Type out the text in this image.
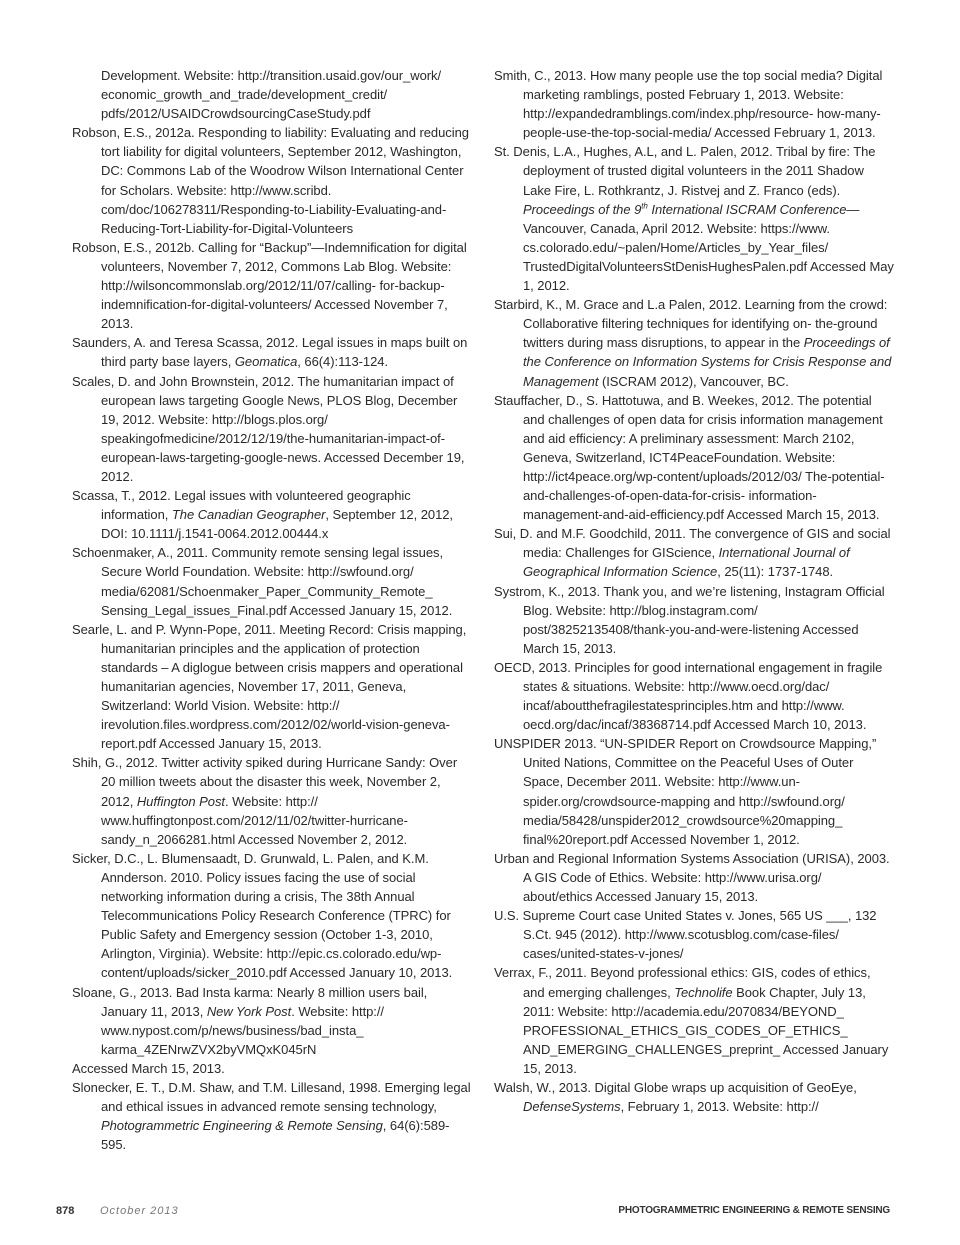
Development. Website: http://transition.usaid.gov/our_work/ economic_growth_and_trade/development_credit/ pdfs/2012/USAIDCrowdsourcingCaseStudy.pdf

Robson, E.S., 2012a. Responding to liability: Evaluating and reducing tort liability for digital volunteers, September 2012, Washington, DC: Commons Lab of the Woodrow Wilson International Center for Scholars. Website: http://www.scribd. com/doc/106278311/Responding-to-Liability-Evaluating-and- Reducing-Tort-Liability-for-Digital-Volunteers

Robson, E.S., 2012b. Calling for “Backup”—Indemnification for digital volunteers, November 7, 2012, Commons Lab Blog. Website: http://wilsoncommonslab.org/2012/11/07/calling- for-backup-indemnification-for-digital-volunteers/ Accessed November 7, 2013.

Saunders, A. and Teresa Scassa, 2012. Legal issues in maps built on third party base layers, Geomatica, 66(4):113-124.

Scales, D. and John Brownstein, 2012. The humanitarian impact of european laws targeting Google News, PLOS Blog, December 19, 2012. Website: http://blogs.plos.org/ speakingofmedicine/2012/12/19/the-humanitarian-impact-of- european-laws-targeting-google-news. Accessed December 19, 2012.

Scassa, T., 2012. Legal issues with volunteered geographic information, The Canadian Geographer, September 12, 2012, DOI: 10.1111/j.1541-0064.2012.00444.x

Schoenmaker, A., 2011. Community remote sensing legal issues, Secure World Foundation. Website: http://swfound.org/ media/62081/Schoenmaker_Paper_Community_Remote_ Sensing_Legal_issues_Final.pdf Accessed January 15, 2012.

Searle, L. and P. Wynn-Pope, 2011. Meeting Record: Crisis mapping, humanitarian principles and the application of protection standards – A diglogue between crisis mappers and operational humanitarian agencies, November 17, 2011, Geneva, Switzerland: World Vision. Website: http:// irevolution.files.wordpress.com/2012/02/world-vision-geneva- report.pdf Accessed January 15, 2013.

Shih, G., 2012. Twitter activity spiked during Hurricane Sandy: Over 20 million tweets about the disaster this week, November 2, 2012, Huffington Post. Website: http:// www.huffingtonpost.com/2012/11/02/twitter-hurricane- sandy_n_2066281.html Accessed November 2, 2012.

Sicker, D.C., L. Blumensaadt, D. Grunwald, L. Palen, and K.M. Annderson. 2010. Policy issues facing the use of social networking information during a crisis, The 38th Annual Telecommunications Policy Research Conference (TPRC) for Public Safety and Emergency session (October 1-3, 2010, Arlington, Virginia). Website: http://epic.cs.colorado.edu/wp- content/uploads/sicker_2010.pdf Accessed January 10, 2013.

Sloane, G., 2013. Bad Insta karma: Nearly 8 million users bail, January 11, 2013, New York Post. Website: http:// www.nypost.com/p/news/business/bad_insta_ karma_4ZENrwZVX2byVMQxK045rN

Accessed March 15, 2013.

Slonecker, E. T., D.M. Shaw, and T.M. Lillesand, 1998. Emerging legal and ethical issues in advanced remote sensing technology, Photogrammetric Engineering & Remote Sensing, 64(6):589-595.

Smith, C., 2013. How many people use the top social media? Digital marketing ramblings, posted February 1, 2013. Website: http://expandedramblings.com/index.php/resource- how-many-people-use-the-top-social-media/ Accessed February 1, 2013.

St. Denis, L.A., Hughes, A.L, and L. Palen, 2012. Tribal by fire: The deployment of trusted digital volunteers in the 2011 Shadow Lake Fire, L. Rothkrantz, J. Ristvej and Z. Franco (eds). Proceedings of the 9th International ISCRAM Conference— Vancouver, Canada, April 2012. Website: https://www. cs.colorado.edu/~palen/Home/Articles_by_Year_files/ TrustedDigitalVolunteersStDenisHughesPalen.pdf Accessed May 1, 2012.

Starbird, K., M. Grace and L.a Palen, 2012. Learning from the crowd: Collaborative filtering techniques for identifying on- the-ground twitters during mass disruptions, to appear in the Proceedings of the Conference on Information Systems for Crisis Response and Management (ISCRAM 2012), Vancouver, BC.

Stauffacher, D., S. Hattotuwa, and B. Weekes, 2012. The potential and challenges of open data for crisis information management and aid efficiency: A preliminary assessment: March 2102, Geneva, Switzerland, ICT4PeaceFoundation. Website: http://ict4peace.org/wp-content/uploads/2012/03/ The-potential-and-challenges-of-open-data-for-crisis- information-management-and-aid-efficiency.pdf Accessed March 15, 2013.

Sui, D. and M.F. Goodchild, 2011. The convergence of GIS and social media: Challenges for GIScience, International Journal of Geographical Information Science, 25(11): 1737-1748.

Systrom, K., 2013. Thank you, and we’re listening, Instagram Official Blog. Website: http://blog.instagram.com/ post/38252135408/thank-you-and-were-listening Accessed March 15, 2013.

OECD, 2013. Principles for good international engagement in fragile states & situations. Website: http://www.oecd.org/dac/ incaf/aboutthefragilestatesprinciples.htm and http://www. oecd.org/dac/incaf/38368714.pdf Accessed March 10, 2013.

UNSPIDER 2013. “UN-SPIDER Report on Crowdsource Mapping,” United Nations, Committee on the Peaceful Uses of Outer Space, December 2011. Website: http://www.un- spider.org/crowdsource-mapping and http://swfound.org/ media/58428/unspider2012_crowdsource%20mapping_ final%20report.pdf Accessed November 1, 2012.

Urban and Regional Information Systems Association (URISA), 2003. A GIS Code of Ethics. Website: http://www.urisa.org/ about/ethics Accessed January 15, 2013.

U.S. Supreme Court case United States v. Jones, 565 US ___, 132 S.Ct. 945 (2012). http://www.scotusblog.com/case-files/ cases/united-states-v-jones/

Verrax, F., 2011. Beyond professional ethics: GIS, codes of ethics, and emerging challenges, Technolife Book Chapter, July 13, 2011: Website: http://academia.edu/2070834/BEYOND_ PROFESSIONAL_ETHICS_GIS_CODES_OF_ETHICS_ AND_EMERGING_CHALLENGES_preprint_ Accessed January 15, 2013.

Walsh, W., 2013. Digital Globe wraps up acquisition of GeoEye, DefenseSystems, February 1, 2013. Website: http://

878 October 2013	PHOTOGRAMMETRIC ENGINEERING & REMOTE SENSING
